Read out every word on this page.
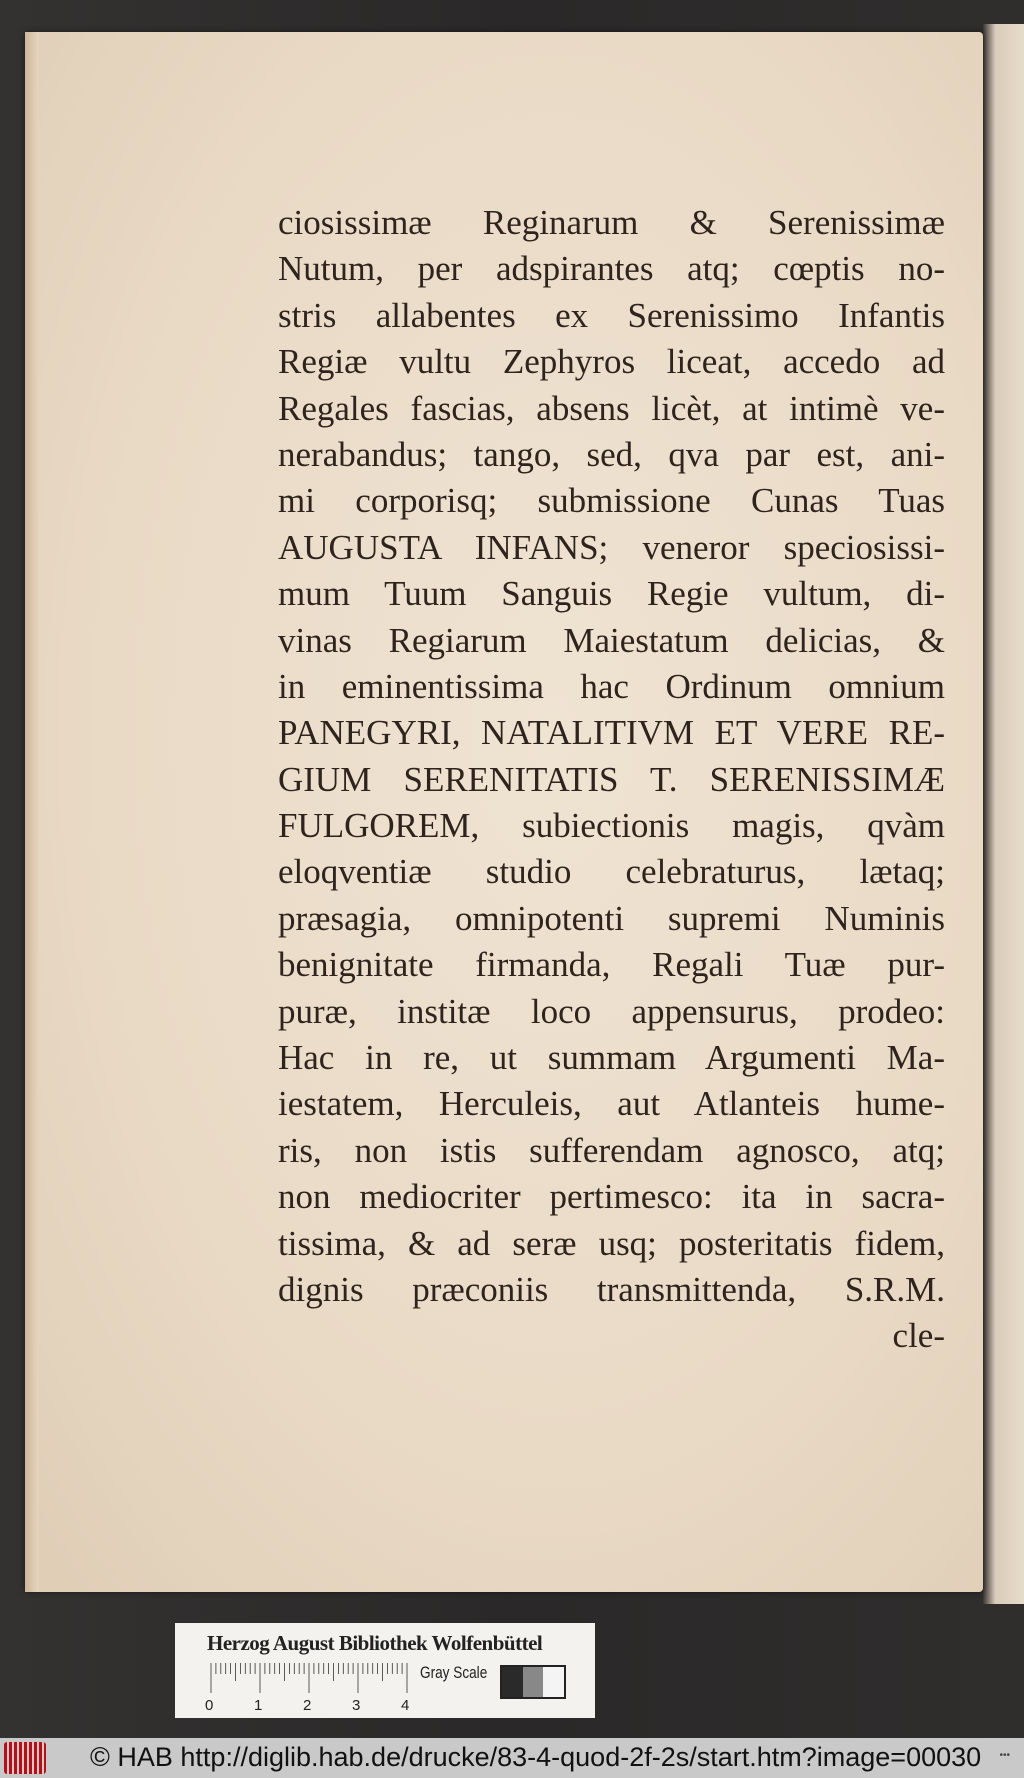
ciosissimæ Reginarum & Serenissimæ
Nutum, per adspirantes atq; cœptis no-
stris allabentes ex Serenissimo Infantis
Regiæ vultu Zephyros liceat, accedo ad
Regales fascias, absens licèt, at intimè ve-
nerabandus; tango, sed, qva par est, ani-
mi corporisq; submissione Cunas Tuas
AUGUSTA INFANS; veneror speciosissi-
mum Tuum Sanguis Regie vultum, di-
vinas Regiarum Maiestatum delicias, &
in eminentissima hac Ordinum omnium
PANEGYRI, NATALITIVM ET VERE RE-
GIUM SERENITATIS T. SERENISSIMÆ
FULGOREM, subiectionis magis, qvàm
eloqventiæ studio celebraturus, lætaq;
præsagia, omnipotenti supremi Numinis
benignitate firmanda, Regali Tuæ pur-
puræ, institæ loco appensurus, prodeo:
Hac in re, ut summam Argumenti Ma-
iestatem, Herculeis, aut Atlanteis hume-
ris, non istis sufferendam agnosco, atq;
non mediocriter pertimesco: ita in sacra-
tissima, & ad seræ usq; posteritatis fidem,
dignis præconiis transmittenda, S.R.M.
cle-
Herzog August Bibliothek Wolfenbüttel
0	1	2	3	4
Gray Scale
© HAB http://diglib.hab.de/drucke/83-4-quod-2f-2s/start.htm?image=00030 •••
